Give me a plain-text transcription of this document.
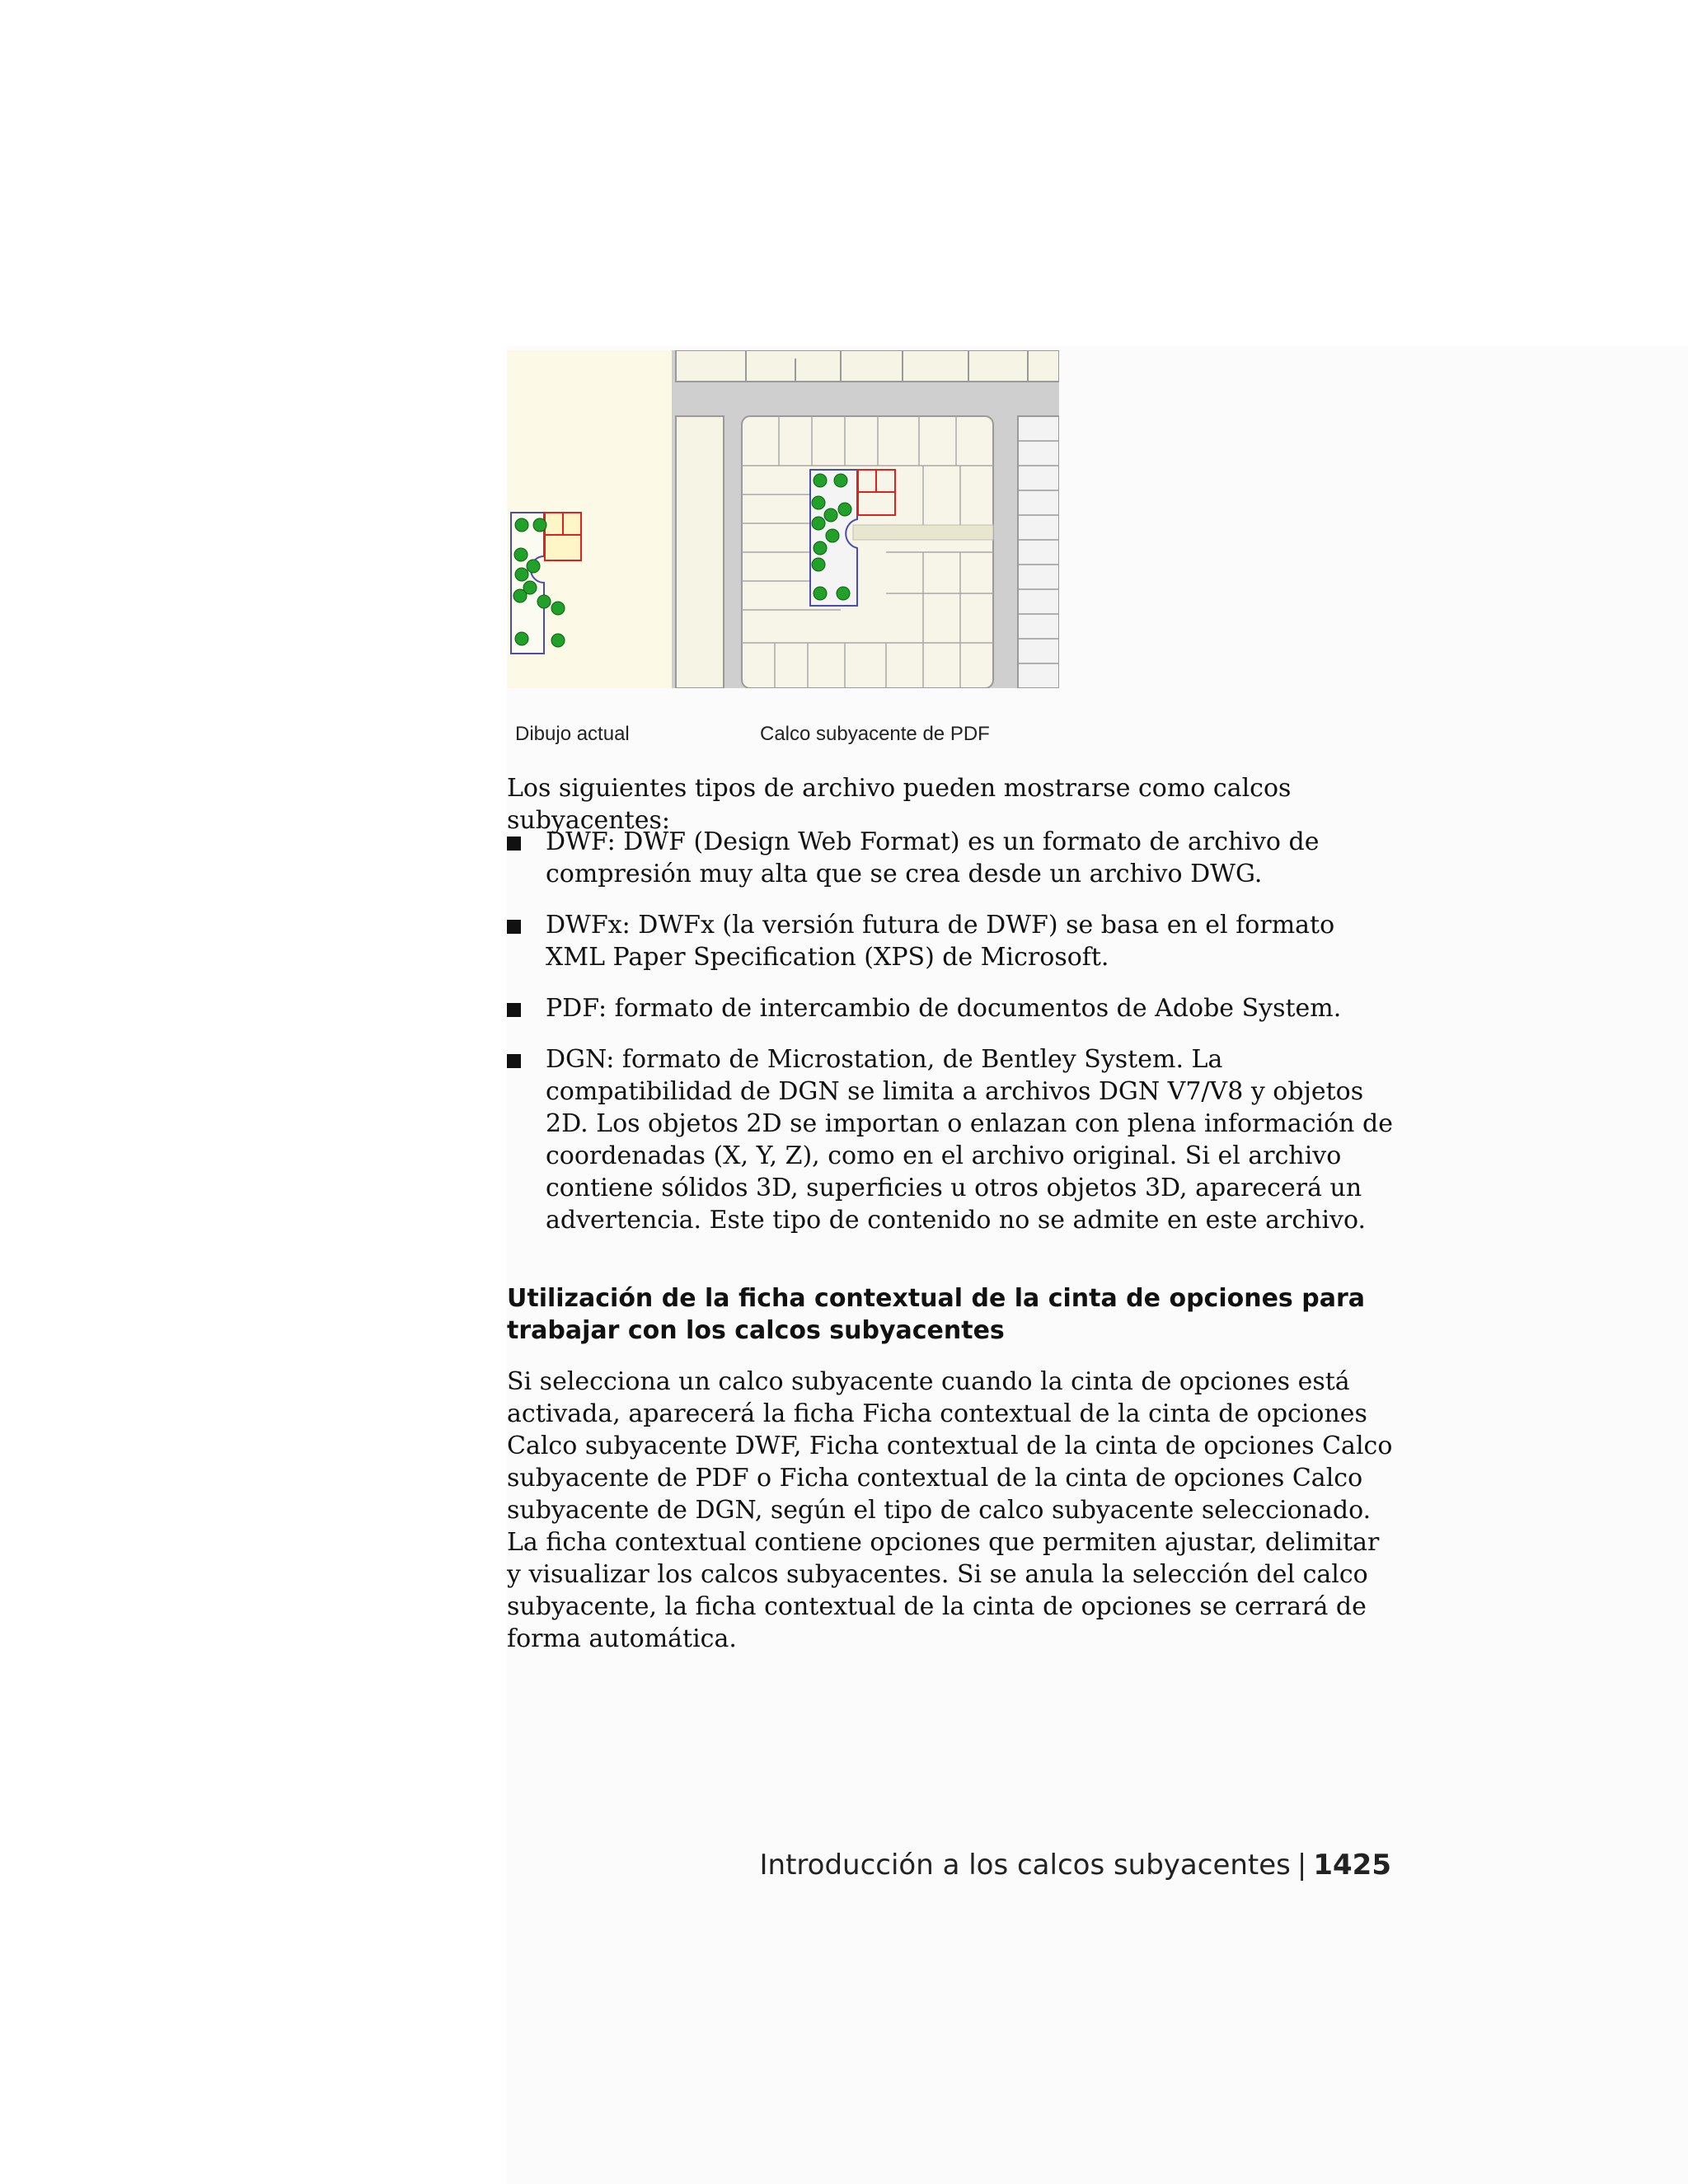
Dibujo actual	Calco subyacente de PDF
Los siguientes tipos de archivo pueden mostrarse como calcos subyacentes:
DWF: DWF (Design Web Format) es un formato de archivo de compresión muy alta que se crea desde un archivo DWG.
DWFx: DWFx (la versión futura de DWF) se basa en el formato XML Paper Specification (XPS) de Microsoft.
PDF: formato de intercambio de documentos de Adobe System.
DGN: formato de Microstation, de Bentley System. La compatibilidad de DGN se limita a archivos DGN V7/V8 y objetos 2D. Los objetos 2D se importan o enlazan con plena información de coordenadas (X, Y, Z), como en el archivo original. Si el archivo contiene sólidos 3D, superficies u otros objetos 3D, aparecerá un advertencia. Este tipo de contenido no se admite en este archivo.
Utilización de la ficha contextual de la cinta de opciones para trabajar con los calcos subyacentes
Si selecciona un calco subyacente cuando la cinta de opciones está activada, aparecerá la ficha Ficha contextual de la cinta de opciones Calco subyacente DWF, Ficha contextual de la cinta de opciones Calco subyacente de PDF o Ficha contextual de la cinta de opciones Calco subyacente de DGN, según el tipo de calco subyacente seleccionado. La ficha contextual contiene opciones que permiten ajustar, delimitar y visualizar los calcos subyacentes. Si se anula la selección del calco subyacente, la ficha contextual de la cinta de opciones se cerrará de forma automática.
Introducción a los calcos subyacentes | 1425
